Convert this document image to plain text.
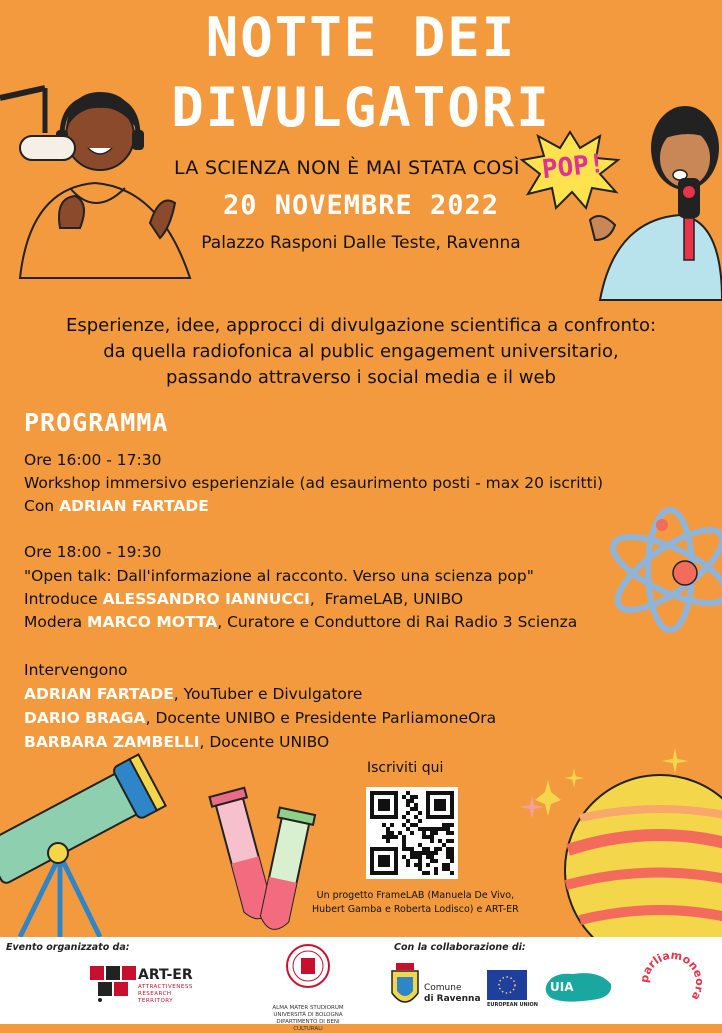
NOTTE DEI
DIVULGATORI
LA SCIENZA NON È MAI STATA COSÌ POP!
20 NOVEMBRE 2022
Palazzo Rasponi Dalle Teste, Ravenna
Esperienze, idee, approcci di divulgazione scientifica a confronto:
da quella radiofonica al public engagement universitario,
passando attraverso i social media e il web
PROGRAMMA
Ore 16:00 - 17:30
Workshop immersivo esperienziale (ad esaurimento posti - max 20 iscritti)
Con ADRIAN FARTADE
Ore 18:00 - 19:30
"Open talk: Dall'informazione al racconto. Verso una scienza pop"
Introduce ALESSANDRO IANNUCCI,  FrameLAB, UNIBO
Modera MARCO MOTTA, Curatore e Conduttore di Rai Radio 3 Scienza
Intervengono
ADRIAN FARTADE, YouTuber e Divulgatore
DARIO BRAGA, Docente UNIBO e Presidente ParliamoneOra
BARBARA ZAMBELLI, Docente UNIBO
Iscriviti qui
Un progetto FrameLAB (Manuela De Vivo,
Hubert Gamba e Roberta Lodisco) e ART-ER
Evento organizzato da:	Con la collaborazione di:
ART-ER
ATTRACTIVENESS
RESEARCH
TERRITORY
ALMA MATER STUDIORUM
UNIVERSITÀ DI BOLOGNA
DIPARTIMENTO DI BENI CULTURALI
Comune
di Ravenna
EUROPEAN UNION
UIA
parliamoneora
